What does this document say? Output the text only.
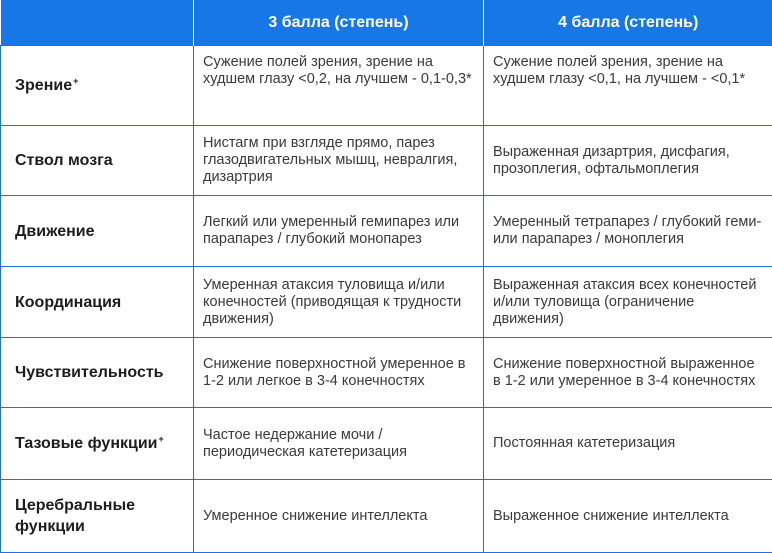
	3 балла (степень)	4 балла (степень)
Зрение+	Сужение полей зрения, зрение на худшем глазу <0,2, на лучшем - 0,1-0,3*	Сужение полей зрения, зрение на худшем глазу <0,1, на лучшем - <0,1*
Ствол мозга	Нистагм при взгляде прямо, парез глазодвигательных мышц, невралгия, дизартрия	Выраженная дизартрия, дисфагия, прозоплегия, офтальмоплегия
Движение	Легкий или умеренный гемипарез или парапарез / глубокий монопарез	Умеренный тетрапарез / глубокий геми- или парапарез / моноплегия
Координация	Умеренная атаксия туловища и/или конечностей (приводящая к трудности движения)	Выраженная атаксия всех конечностей и/или туловища (ограничение движения)
Чувствительность	Снижение поверхностной умеренное в 1-2 или легкое в 3-4 конечностях	Снижение поверхностной выраженное в 1-2 или умеренное в 3-4 конечностях
Тазовые функции+	Частое недержание мочи / периодическая катетеризация	Постоянная катетеризация
Церебральные функции	Умеренное снижение интеллекта	Выраженное снижение интеллекта
